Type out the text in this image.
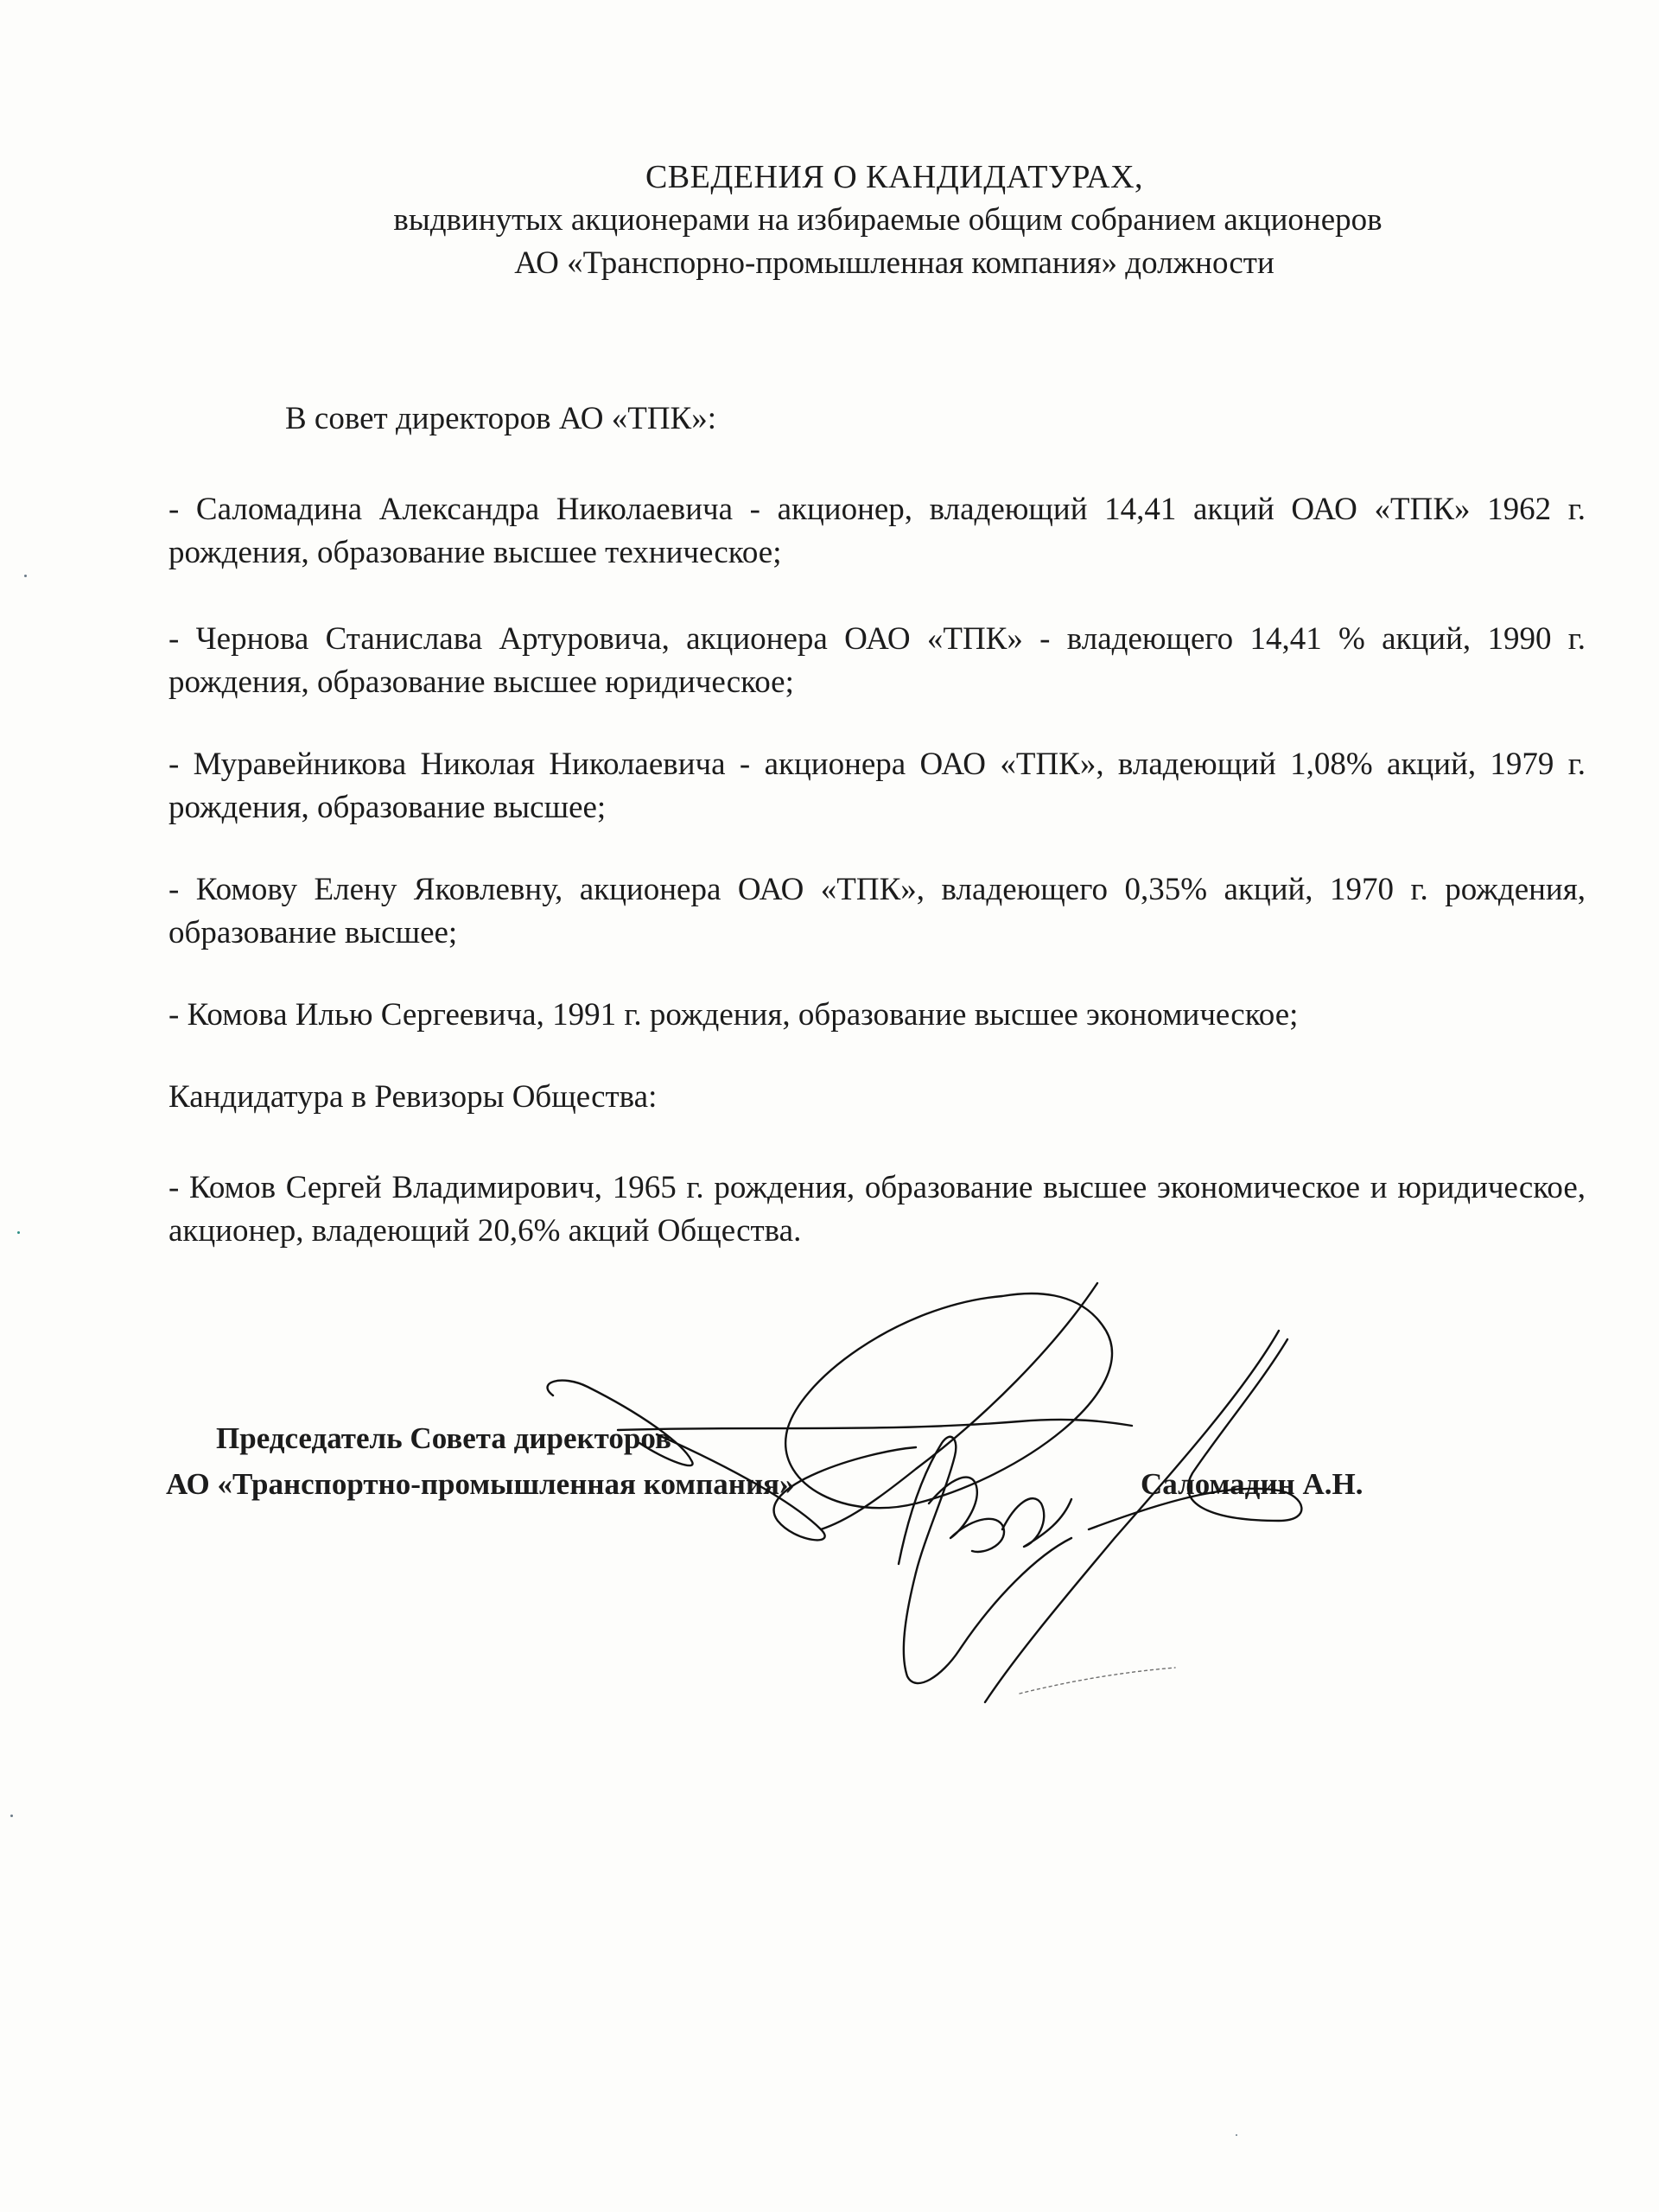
СВЕДЕНИЯ О КАНДИДАТУРАХ,
выдвинутых акционерами на избираемые общим собранием акционеров
АО «Транспорно-промышленная компания» должности
В совет директоров АО «ТПК»:
- Саломадина Александра Николаевича - акционер, владеющий 14,41 акций ОАО «ТПК» 1962 г. рождения, образование высшее техническое;
- Чернова Станислава Артуровича, акционера ОАО «ТПК» - владеющего 14,41 % акций, 1990 г. рождения, образование высшее юридическое;
- Муравейникова Николая Николаевича - акционера ОАО «ТПК», владеющий 1,08% акций, 1979 г. рождения, образование высшее;
- Комову Елену Яковлевну, акционера ОАО «ТПК», владеющего 0,35% акций, 1970 г. рождения, образование высшее;
- Комова Илью Сергеевича, 1991 г. рождения, образование высшее экономическое;
Кандидатура в Ревизоры Общества:
- Комов Сергей Владимирович, 1965 г. рождения, образование высшее экономическое и юридическое, акционер, владеющий 20,6% акций Общества.
Председатель Совета директоров
АО «Транспортно-промышленная компания»	Саломадин А.Н.
